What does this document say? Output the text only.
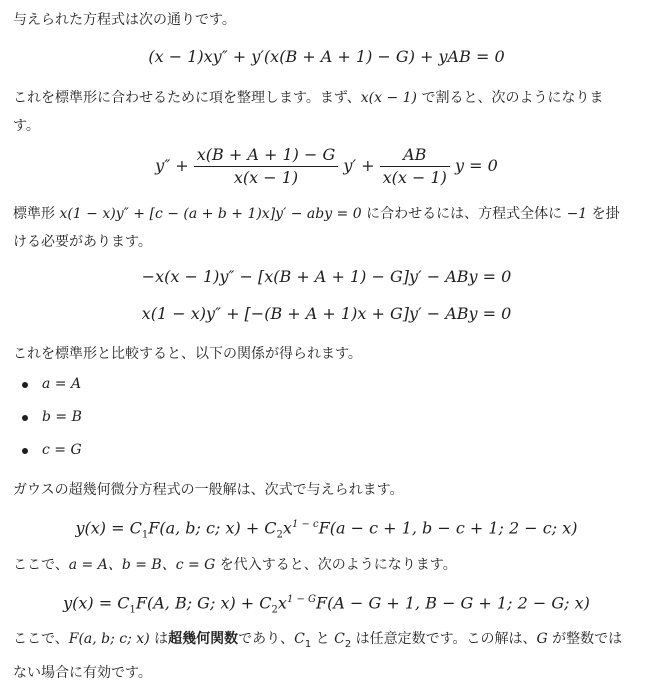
与えられた方程式は次の通りです。

(x − 1)xy″ + y′(x(B + A + 1) − G) + yAB = 0

これを標準形に合わせるために項を整理します。まず、x(x − 1) で割ると、次のようになりま
す。

$y'' + \frac{x(B + A + 1) - G}{x(x - 1)} y' + \frac{AB}{x(x - 1)}$ y = 0

標準形 x(1 − x)y″ + [c − (a + b + 1)x]y′ − aby = 0 に合わせるには、方程式全体に −1 を掛
ける必要があります。

−x(x − 1)y″ − [x(B + A + 1) − G]y′ − ABy = 0
x(1 − x)y″ + [−(B + A + 1)x + G]y′ − ABy = 0

これを標準形と比較すると、以下の関係が得られます。

a = A
b = B
c = G

ガウスの超幾何微分方程式の一般解は、次式で与えられます。

$y(x) = C_1F(a$, b; c; $x) + C_2x^{1 - c}F(a - c + 1$, b − c + 1; 2 − c; x)

ここで、a = A、b = B、c = G を代入すると、次のようになります。

$y(x) = C_1F(A$, B; G; $x) + C_2x^{1 - G}F(A - G + 1$, B − G + 1; 2 − G; x)

ここで、F(a, b; c; x) は超幾何関数であり、$C_1$ と $C_2$ は任意定数です。この解は、G が整数では
ない場合に有効です。
